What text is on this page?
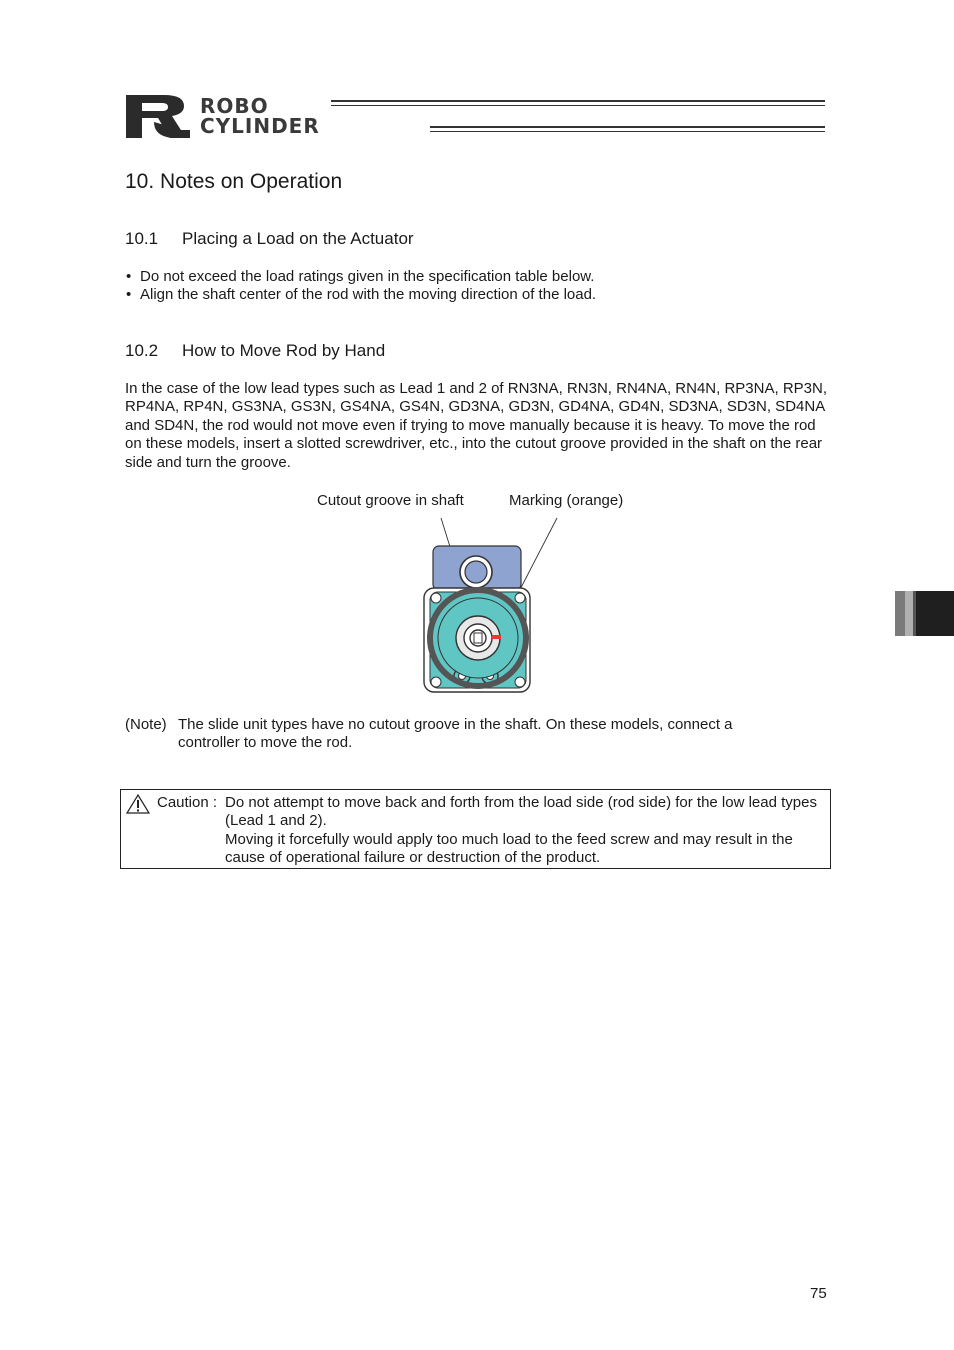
ROBO
CYLINDER
10. Notes on Operation
10.1 Placing a Load on the Actuator
• Do not exceed the load ratings given in the specification table below.
• Align the shaft center of the rod with the moving direction of the load.
10.2 How to Move Rod by Hand
In the case of the low lead types such as Lead 1 and 2 of RN3NA, RN3N, RN4NA, RN4N, RP3NA, RP3N, RP4NA, RP4N, GS3NA, GS3N, GS4NA, GS4N, GD3NA, GD3N, GD4NA, GD4N, SD3NA, SD3N, SD4NA and SD4N, the rod would not move even if trying to move manually because it is heavy. To move the rod on these models, insert a slotted screwdriver, etc., into the cutout groove provided in the shaft on the rear side and turn the groove.
Cutout groove in shaft	Marking (orange)
(Note) The slide unit types have no cutout groove in the shaft. On these models, connect a controller to move the rod.
Caution : Do not attempt to move back and forth from the load side (rod side) for the low lead types (Lead 1 and 2).
Moving it forcefully would apply too much load to the feed screw and may result in the cause of operational failure or destruction of the product.
75
